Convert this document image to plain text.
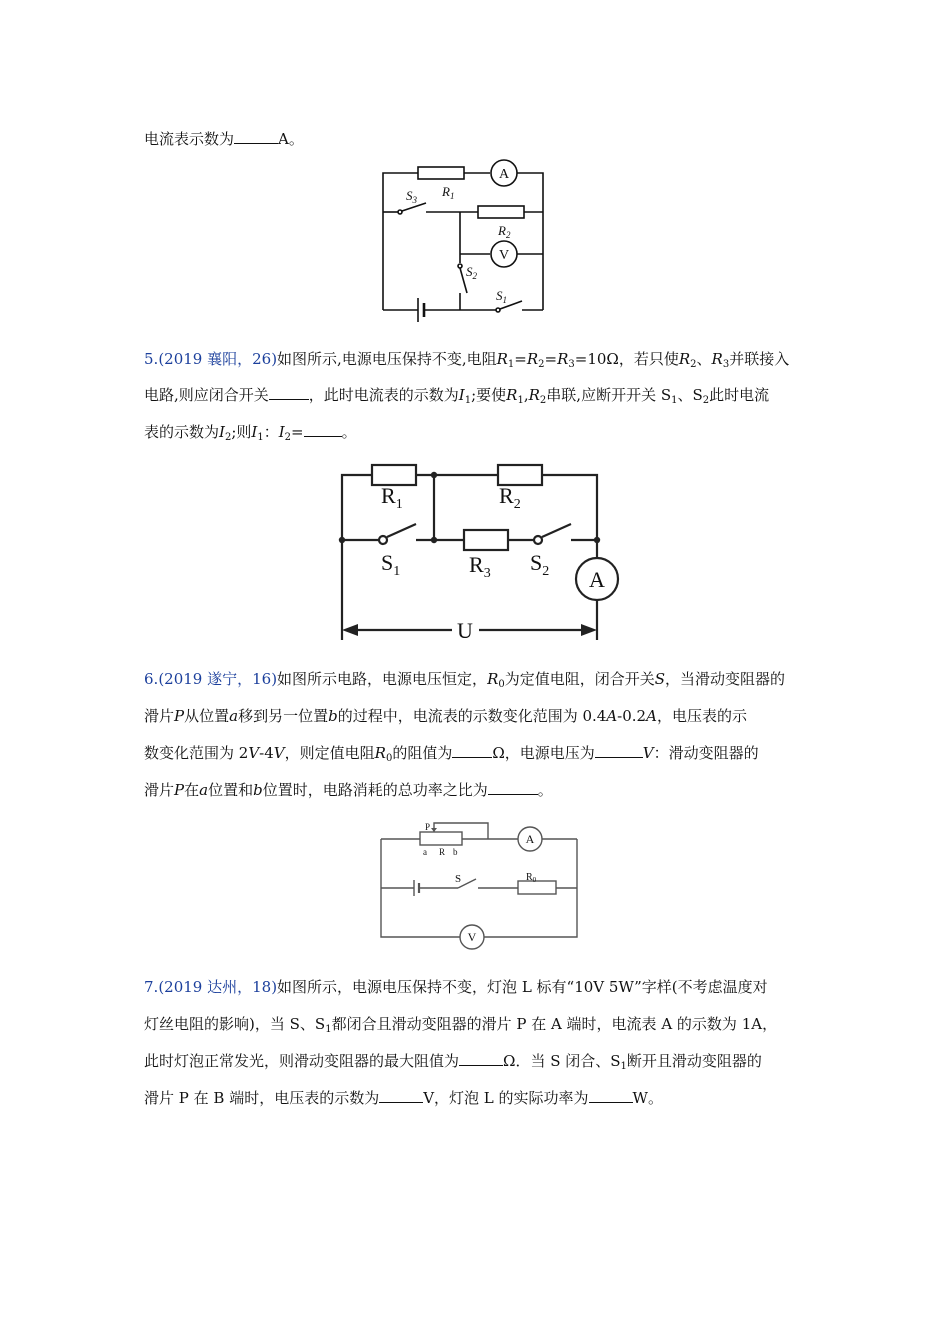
电流表示数为	A。
A
$R_1$
$S_3$
$R_2$
V
$S_2$
$S_1$
5.(2019 襄阳，26)如图所示,电源电压保持不变,电阻$R_1=R_2=R_3=10\Omega$，若只使$R_2$、$R_3$并联接入
电路,则应闭合开关	，此时电流表的示数为$I_1$;要使$R_1,R_2$串联,应断开开关 $S_1$、$S_2$此时电流
表的示数为$I_2$;则$I_1$：$I_2=$	。
$R_1$	$R_2$
$S_1$	$R_3$ $S_2$ A
U
6.(2019 遂宁，16)如图所示电路，电源电压恒定，$R_0$为定值电阻，闭合开关S，当滑动变阻器的
滑片P从位置a移到另一位置b的过程中，电流表的示数变化范围为 0.4A-0.2A，电压表的示
数变化范围为 2V-4V，则定值电阻$R_0$的阻值为	Ω，电源电压为	V：滑动变阻器的
滑片P在a位置和b位置时，电路消耗的总功率之比为	。
V
A
P
a R b
S	$R_0$
7.(2019 达州，18)如图所示，电源电压保持不变，灯泡 L 标有“10V 5W”字样(不考虑温度对
灯丝电阻的影响)，当 S、$S_1$都闭合且滑动变阻器的滑片 P 在 A 端时，电流表 A 的示数为 1A，
此时灯泡正常发光，则滑动变阻器的最大阻值为	Ω．当 S 闭合、$S_1$断开且滑动变阻器的
滑片 P 在 B 端时，电压表的示数为	V，灯泡 L 的实际功率为	W。
